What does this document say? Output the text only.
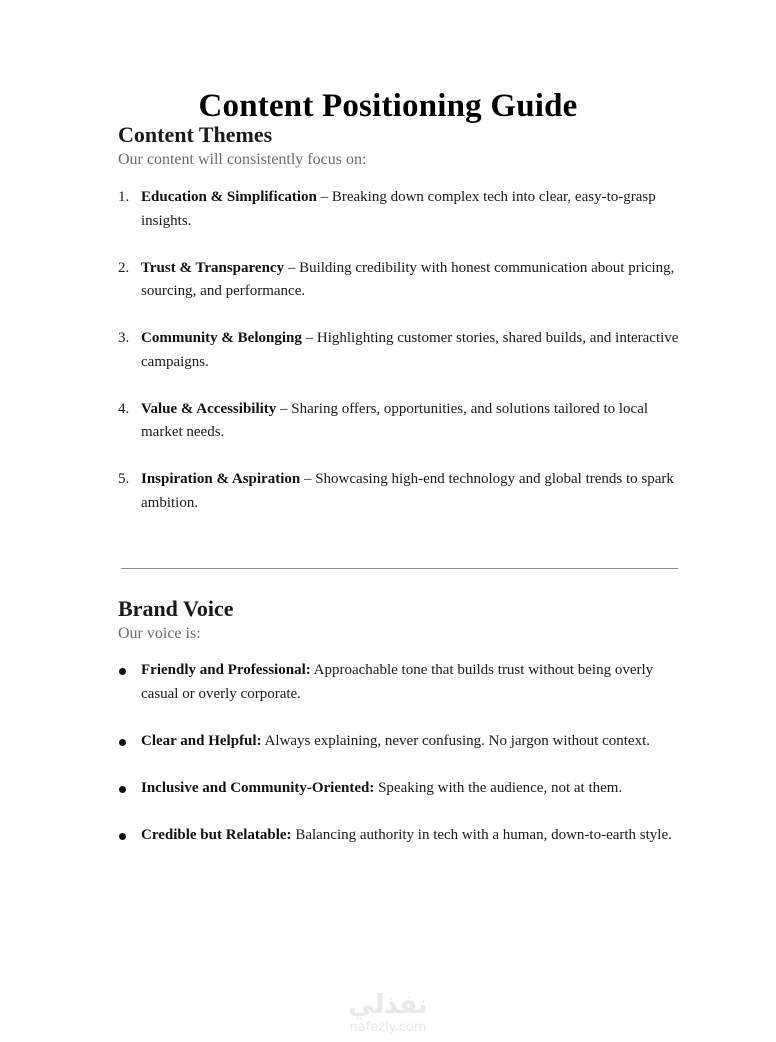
Content Positioning Guide
Content Themes

Our content will consistently focus on:

1. Education & Simplification – Breaking down complex tech into clear, easy-to-grasp insights.
2. Trust & Transparency – Building credibility with honest communication about pricing, sourcing, and performance.
3. Community & Belonging – Highlighting customer stories, shared builds, and interactive campaigns.
4. Value & Accessibility – Sharing offers, opportunities, and solutions tailored to local market needs.
5. Inspiration & Aspiration – Showcasing high-end technology and global trends to spark ambition.
Brand Voice

Our voice is:

Friendly and Professional: Approachable tone that builds trust without being overly casual or overly corporate.
Clear and Helpful: Always explaining, never confusing. No jargon without context.
Inclusive and Community-Oriented: Speaking with the audience, not at them.
Credible but Relatable: Balancing authority in tech with a human, down-to-earth style.
نفذلي
nafezly.com
